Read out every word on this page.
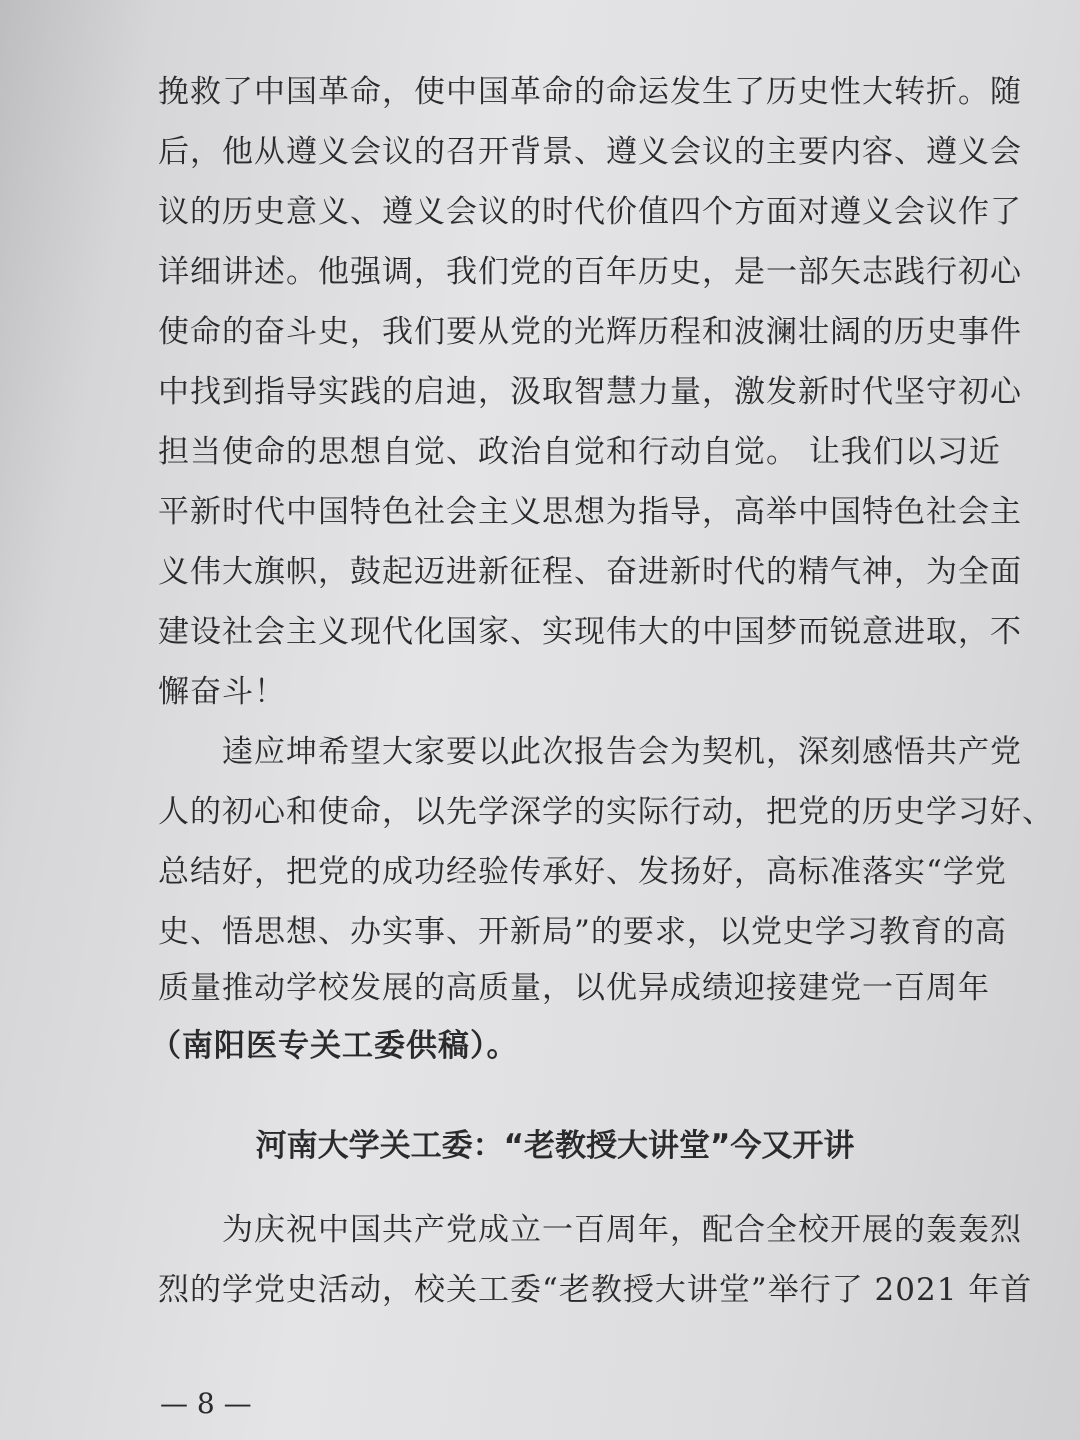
挽救了中国革命，使中国革命的命运发生了历史性大转折。随
后，他从遵义会议的召开背景、遵义会议的主要内容、遵义会
议的历史意义、遵义会议的时代价值四个方面对遵义会议作了
详细讲述。他强调，我们党的百年历史，是一部矢志践行初心
使命的奋斗史，我们要从党的光辉历程和波澜壮阔的历史事件
中找到指导实践的启迪，汲取智慧力量，激发新时代坚守初心
担当使命的思想自觉、政治自觉和行动自觉。 让我们以习近
平新时代中国特色社会主义思想为指导，高举中国特色社会主
义伟大旗帜，鼓起迈进新征程、奋进新时代的精气神，为全面
建设社会主义现代化国家、实现伟大的中国梦而锐意进取，不
懈奋斗！
逵应坤希望大家要以此次报告会为契机，深刻感悟共产党
人的初心和使命，以先学深学的实际行动，把党的历史学习好、
总结好，把党的成功经验传承好、发扬好，高标准落实“学党
史、悟思想、办实事、开新局”的要求，以党史学习教育的高
质量推动学校发展的高质量，以优异成绩迎接建党一百周年
（南阳医专关工委供稿）。
河南大学关工委：“老教授大讲堂”今又开讲
为庆祝中国共产党成立一百周年，配合全校开展的轰轰烈
烈的学党史活动，校关工委“老教授大讲堂”举行了 2021 年首
— 8 —
